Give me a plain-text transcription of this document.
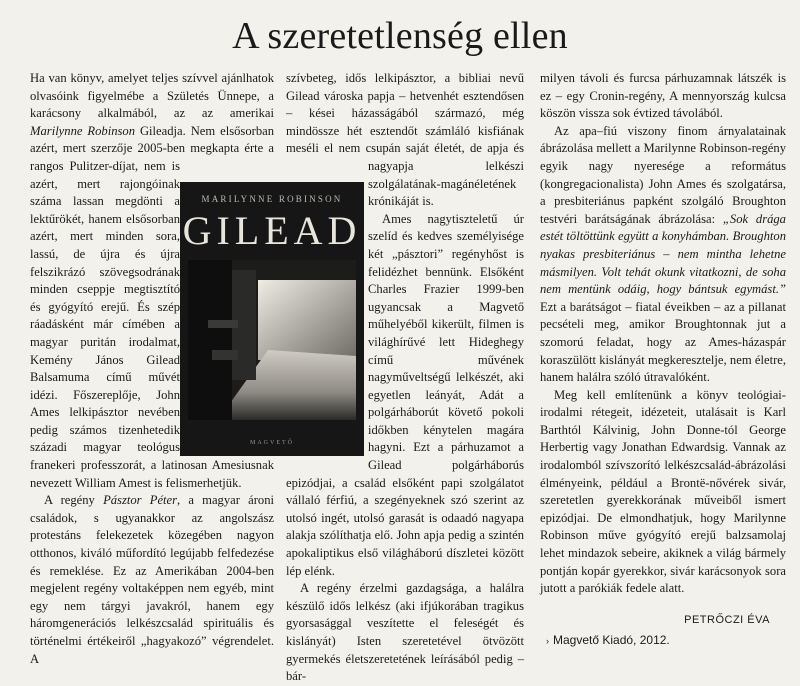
A szeretetlenség ellen

Ha van könyv, amelyet teljes szívvel ajánlhatok olvasóink figyelmébe a Születés Ünnepe, a karácsony alkalmából, az az amerikai Marilynne Robinson Gileadja. Nem elsősorban azért, mert szerzője 2005-ben megkapta érte a rangos Pulitzer-díjat, nem is azért, mert rajongóinak száma lassan megdönti a lektűrökét, hanem elsősorban azért, mert minden sora, lassú, de újra és újra felszikrázó szövegsodrának minden cseppje megtisztító és gyógyító erejű. És szép ráadásként már címében a magyar puritán irodalmat, Kemény János Gilead Balsamuma című művét idézi. Főszereplője, John Ames lelkipásztor nevében pedig számos tizenhetedik századi magyar teológus franekeri professzorát, a latinosan Amesiusnak nevezett William Amest is felismerhetjük.

A regény Pásztor Péter, a magyar ároni családok, s ugyanakkor az angolszász protestáns felekezetek közegében nagyon otthonos, kiváló műfordító legújabb felfedezése és remeklése. Ez az Amerikában 2004-ben megjelent regény voltaképpen nem egyéb, mint egy nem tárgyi javakról, hanem egy háromgenerációs lelkészcsalád spirituális és történelmi értékeiről „hagyakozó” végrendelet. A

MARILYNNE ROBINSON
GILEAD
MAGVETŐ

szívbeteg, idős lelkipásztor, a bibliai nevű Gilead városka papja – hetvenhét esztendősen – kései házasságából származó, még mindössze hét esztendőt számláló kisfiának meséli el nem csupán saját életét, de apja és nagyapja lelkészi szolgálatának-magánéletének krónikáját is.

Ames nagytiszteletű úr szelíd és kedves személyisége két „pásztori” regényhőst is felidézhet bennünk. Elsőként Charles Frazier 1999-ben ugyancsak a Magvető műhelyéből kikerült, filmen is világhírűvé lett Hideghegy című művének nagyműveltségű lelkészét, aki egyetlen leányát, Adát a polgárháborút követő pokoli időkben kénytelen magára hagyni. Ezt a párhuzamot a Gilead polgárháborús epizódjai, a család elsőként papi szolgálatot vállaló férfiú, a szegényeknek szó szerint az utolsó ingét, utolsó garasát is odaadó nagyapa alakja szólíthatja elő. John apja pedig a szintén apokaliptikus első világháború díszletei között lép elénk.

A regény érzelmi gazdagsága, a halálra készülő idős lelkész (aki ifjúkorában tragikus gyorsasággal veszítette el feleségét és kislányát) Isten szeretetével ötvözött gyermekés életszeretetének leírásából pedig – bár-

milyen távoli és furcsa párhuzamnak látszék is ez – egy Cronin-regény, A mennyország kulcsa köszön vissza sok évtized távolából.

Az apa–fiú viszony finom árnyalatainak ábrázolása mellett a Marilynne Robinson-regény egyik nagy nyeresége a református (kongregacionalista) John Ames és szolgatársa, a presbiteriánus papként szolgáló Broughton testvéri barátságának ábrázolása: „Sok drága estét töltöttünk együtt a konyhámban. Broughton nyakas presbiteriánus – nem mintha lehetne másmilyen. Volt tehát okunk vitatkozni, de soha nem mentünk odáig, hogy bántsuk egymást.” Ezt a barátságot – fiatal éveikben – az a pillanat pecsételi meg, amikor Broughtonnak jut a szomorú feladat, hogy az Ames-házaspár koraszülött kislányát megkeresztelje, nem életre, hanem halálra szóló útravalóként.

Meg kell említenünk a könyv teológiai-irodalmi rétegeit, idézeteit, utalásait is Karl Barthtól Kálvinig, John Donne-tól George Herbertig vagy Jonathan Edwardsig. Vannak az irodalomból szívszorító lelkészcsalád-ábrázolási élményeink, például a Brontë-nővérek sivár, szeretetlen gyerekkorának műveiből ismert epizódjai. De elmondhatjuk, hogy Marilynne Robinson műve gyógyító erejű balzsamolaj lehet mindazok sebeire, akiknek a világ bármely pontján kopár gyerekkor, sivár karácsonyok sora jutott a parókiák fedele alatt.

PETRŐCZI ÉVA
› Magvető Kiadó, 2012.
